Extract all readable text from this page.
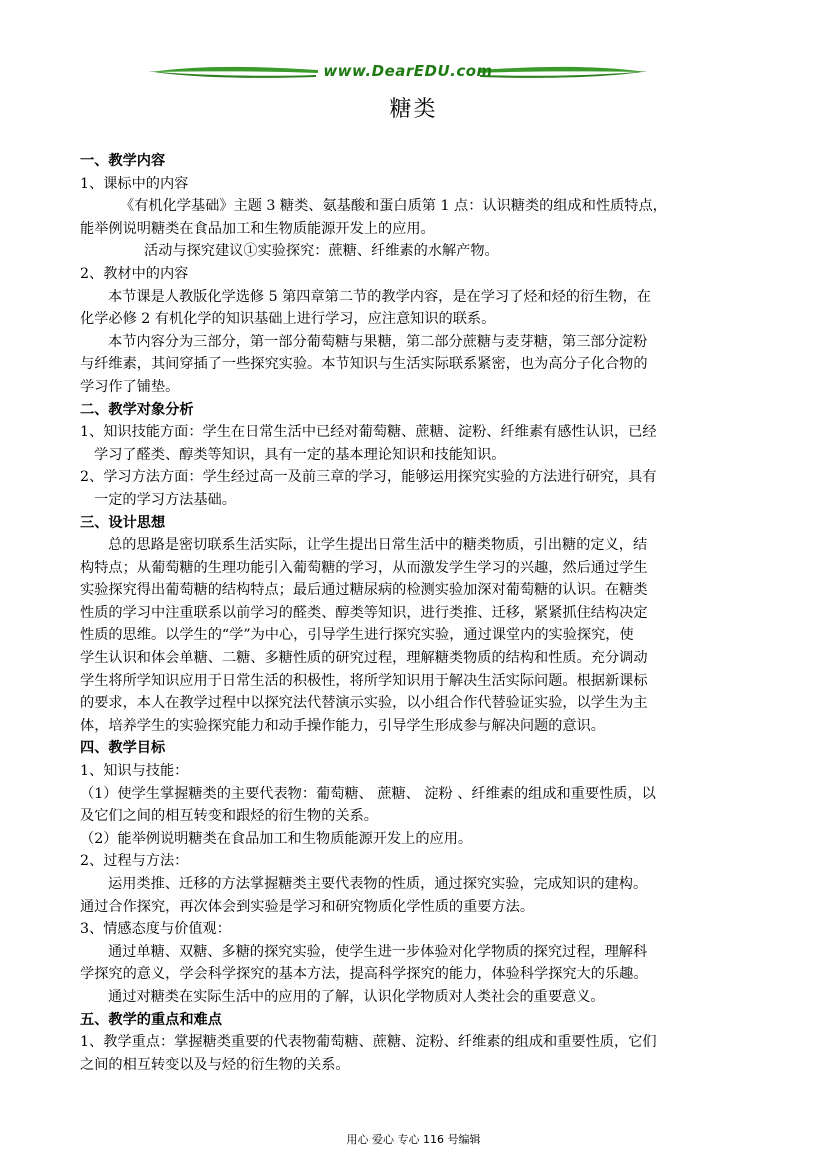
www.DearEDU.com
糖类
一、教学内容
1、课标中的内容
《有机化学基础》主题 3 糖类、氨基酸和蛋白质第 1 点：认识糖类的组成和性质特点，
能举例说明糖类在食品加工和生物质能源开发上的应用。
活动与探究建议①实验探究：蔗糖、纤维素的水解产物。
2、教材中的内容
本节课是人教版化学选修 5 第四章第二节的教学内容，是在学习了烃和烃的衍生物，在
化学必修 2 有机化学的知识基础上进行学习，应注意知识的联系。
本节内容分为三部分，第一部分葡萄糖与果糖，第二部分蔗糖与麦芽糖，第三部分淀粉
与纤维素，其间穿插了一些探究实验。本节知识与生活实际联系紧密，也为高分子化合物的
学习作了铺垫。
二、教学对象分析
1、知识技能方面：学生在日常生活中已经对葡萄糖、蔗糖、淀粉、纤维素有感性认识，已经
学习了醛类、醇类等知识，具有一定的基本理论知识和技能知识。
2、学习方法方面：学生经过高一及前三章的学习，能够运用探究实验的方法进行研究，具有
一定的学习方法基础。
三、设计思想
总的思路是密切联系生活实际，让学生提出日常生活中的糖类物质，引出糖的定义，结
构特点；从葡萄糖的生理功能引入葡萄糖的学习，从而激发学生学习的兴趣，然后通过学生
实验探究得出葡萄糖的结构特点；最后通过糖尿病的检测实验加深对葡萄糖的认识。在糖类
性质的学习中注重联系以前学习的醛类、醇类等知识，进行类推、迁移，紧紧抓住结构决定
性质的思维。以学生的“学”为中心，引导学生进行探究实验，通过课堂内的实验探究，使
学生认识和体会单糖、二糖、多糖性质的研究过程，理解糖类物质的结构和性质。充分调动
学生将所学知识应用于日常生活的积极性，将所学知识用于解决生活实际问题。根据新课标
的要求，本人在教学过程中以探究法代替演示实验，以小组合作代替验证实验，以学生为主
体，培养学生的实验探究能力和动手操作能力，引导学生形成参与解决问题的意识。
四、教学目标
1、知识与技能：
（1）使学生掌握糖类的主要代表物：葡萄糖、 蔗糖、 淀粉 、纤维素的组成和重要性质，以
及它们之间的相互转变和跟烃的衍生物的关系。
（2）能举例说明糖类在食品加工和生物质能源开发上的应用。
2、过程与方法：
运用类推、迁移的方法掌握糖类主要代表物的性质，通过探究实验，完成知识的建构。
通过合作探究，再次体会到实验是学习和研究物质化学性质的重要方法。
3、情感态度与价值观：
通过单糖、双糖、多糖的探究实验，使学生进一步体验对化学物质的探究过程，理解科
学探究的意义，学会科学探究的基本方法，提高科学探究的能力，体验科学探究大的乐趣。
通过对糖类在实际生活中的应用的了解，认识化学物质对人类社会的重要意义。
五、教学的重点和难点
1、教学重点：掌握糖类重要的代表物葡萄糖、蔗糖、淀粉、纤维素的组成和重要性质，它们
之间的相互转变以及与烃的衍生物的关系。
用心 爱心 专心 116 号编辑
